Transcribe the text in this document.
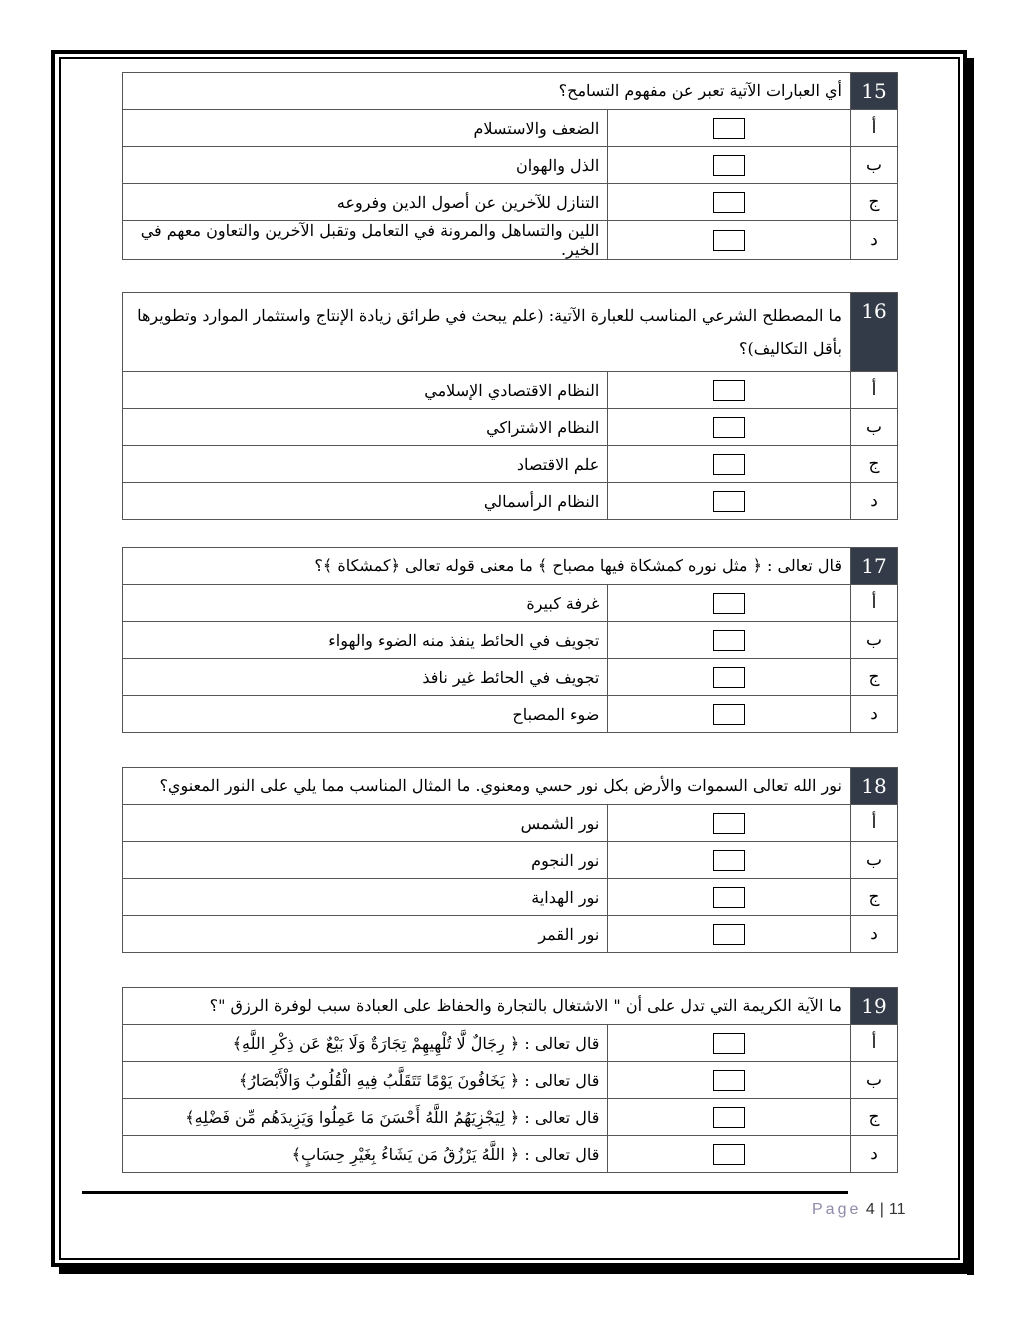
15	أي العبارات الآتية تعبر عن مفهوم التسامح؟	
أ		الضعف والاستسلام
ب		الذل والهوان
ج		التنازل للآخرين عن أصول الدين وفروعه
د		اللين والتساهل والمرونة في التعامل وتقبل الآخرين والتعاون معهم في الخير.
16	ما المصطلح الشرعي المناسب للعبارة الآتية: (علم يبحث في طرائق زيادة الإنتاج واستثمار الموارد وتطويرها بأقل التكاليف)؟	
أ		النظام الاقتصادي الإسلامي
ب		النظام الاشتراكي
ج		علم الاقتصاد
د		النظام الرأسمالي
17	قال تعالى : ﴿ مثل نوره كمشكاة فيها مصباح ﴾ ما معنى قوله تعالى ﴿كمشكاة ﴾؟	
أ		غرفة كبيرة
ب		تجويف في الحائط ينفذ منه الضوء والهواء
ج		تجويف في الحائط غير نافذ
د		ضوء المصباح
18	نور الله تعالى السموات والأرض بكل نور حسي ومعنوي. ما المثال المناسب مما يلي على النور المعنوي؟	
أ		نور الشمس
ب		نور النجوم
ج		نور الهداية
د		نور القمر
19	ما الآية الكريمة التي تدل على أن " الاشتغال بالتجارة والحفاظ على العبادة سبب لوفرة الرزق "؟	
أ		قال تعالى : ﴿ رِجَالٌ لَّا تُلْهِيهِمْ تِجَارَةٌ وَلَا بَيْعٌ عَن ذِكْرِ اللَّهِ﴾
ب		قال تعالى : ﴿ يَخَافُونَ يَوْمًا تَتَقَلَّبُ فِيهِ الْقُلُوبُ وَالْأَبْصَارُ﴾
ج		قال تعالى : ﴿ لِيَجْزِيَهُمُ اللَّهُ أَحْسَنَ مَا عَمِلُوا وَيَزِيدَهُم مِّن فَضْلِهِ﴾
د		قال تعالى : ﴿ اللَّهُ يَرْزُقُ مَن يَشَاءُ بِغَيْرِ حِسَابٍ﴾
Page 4 | 11
